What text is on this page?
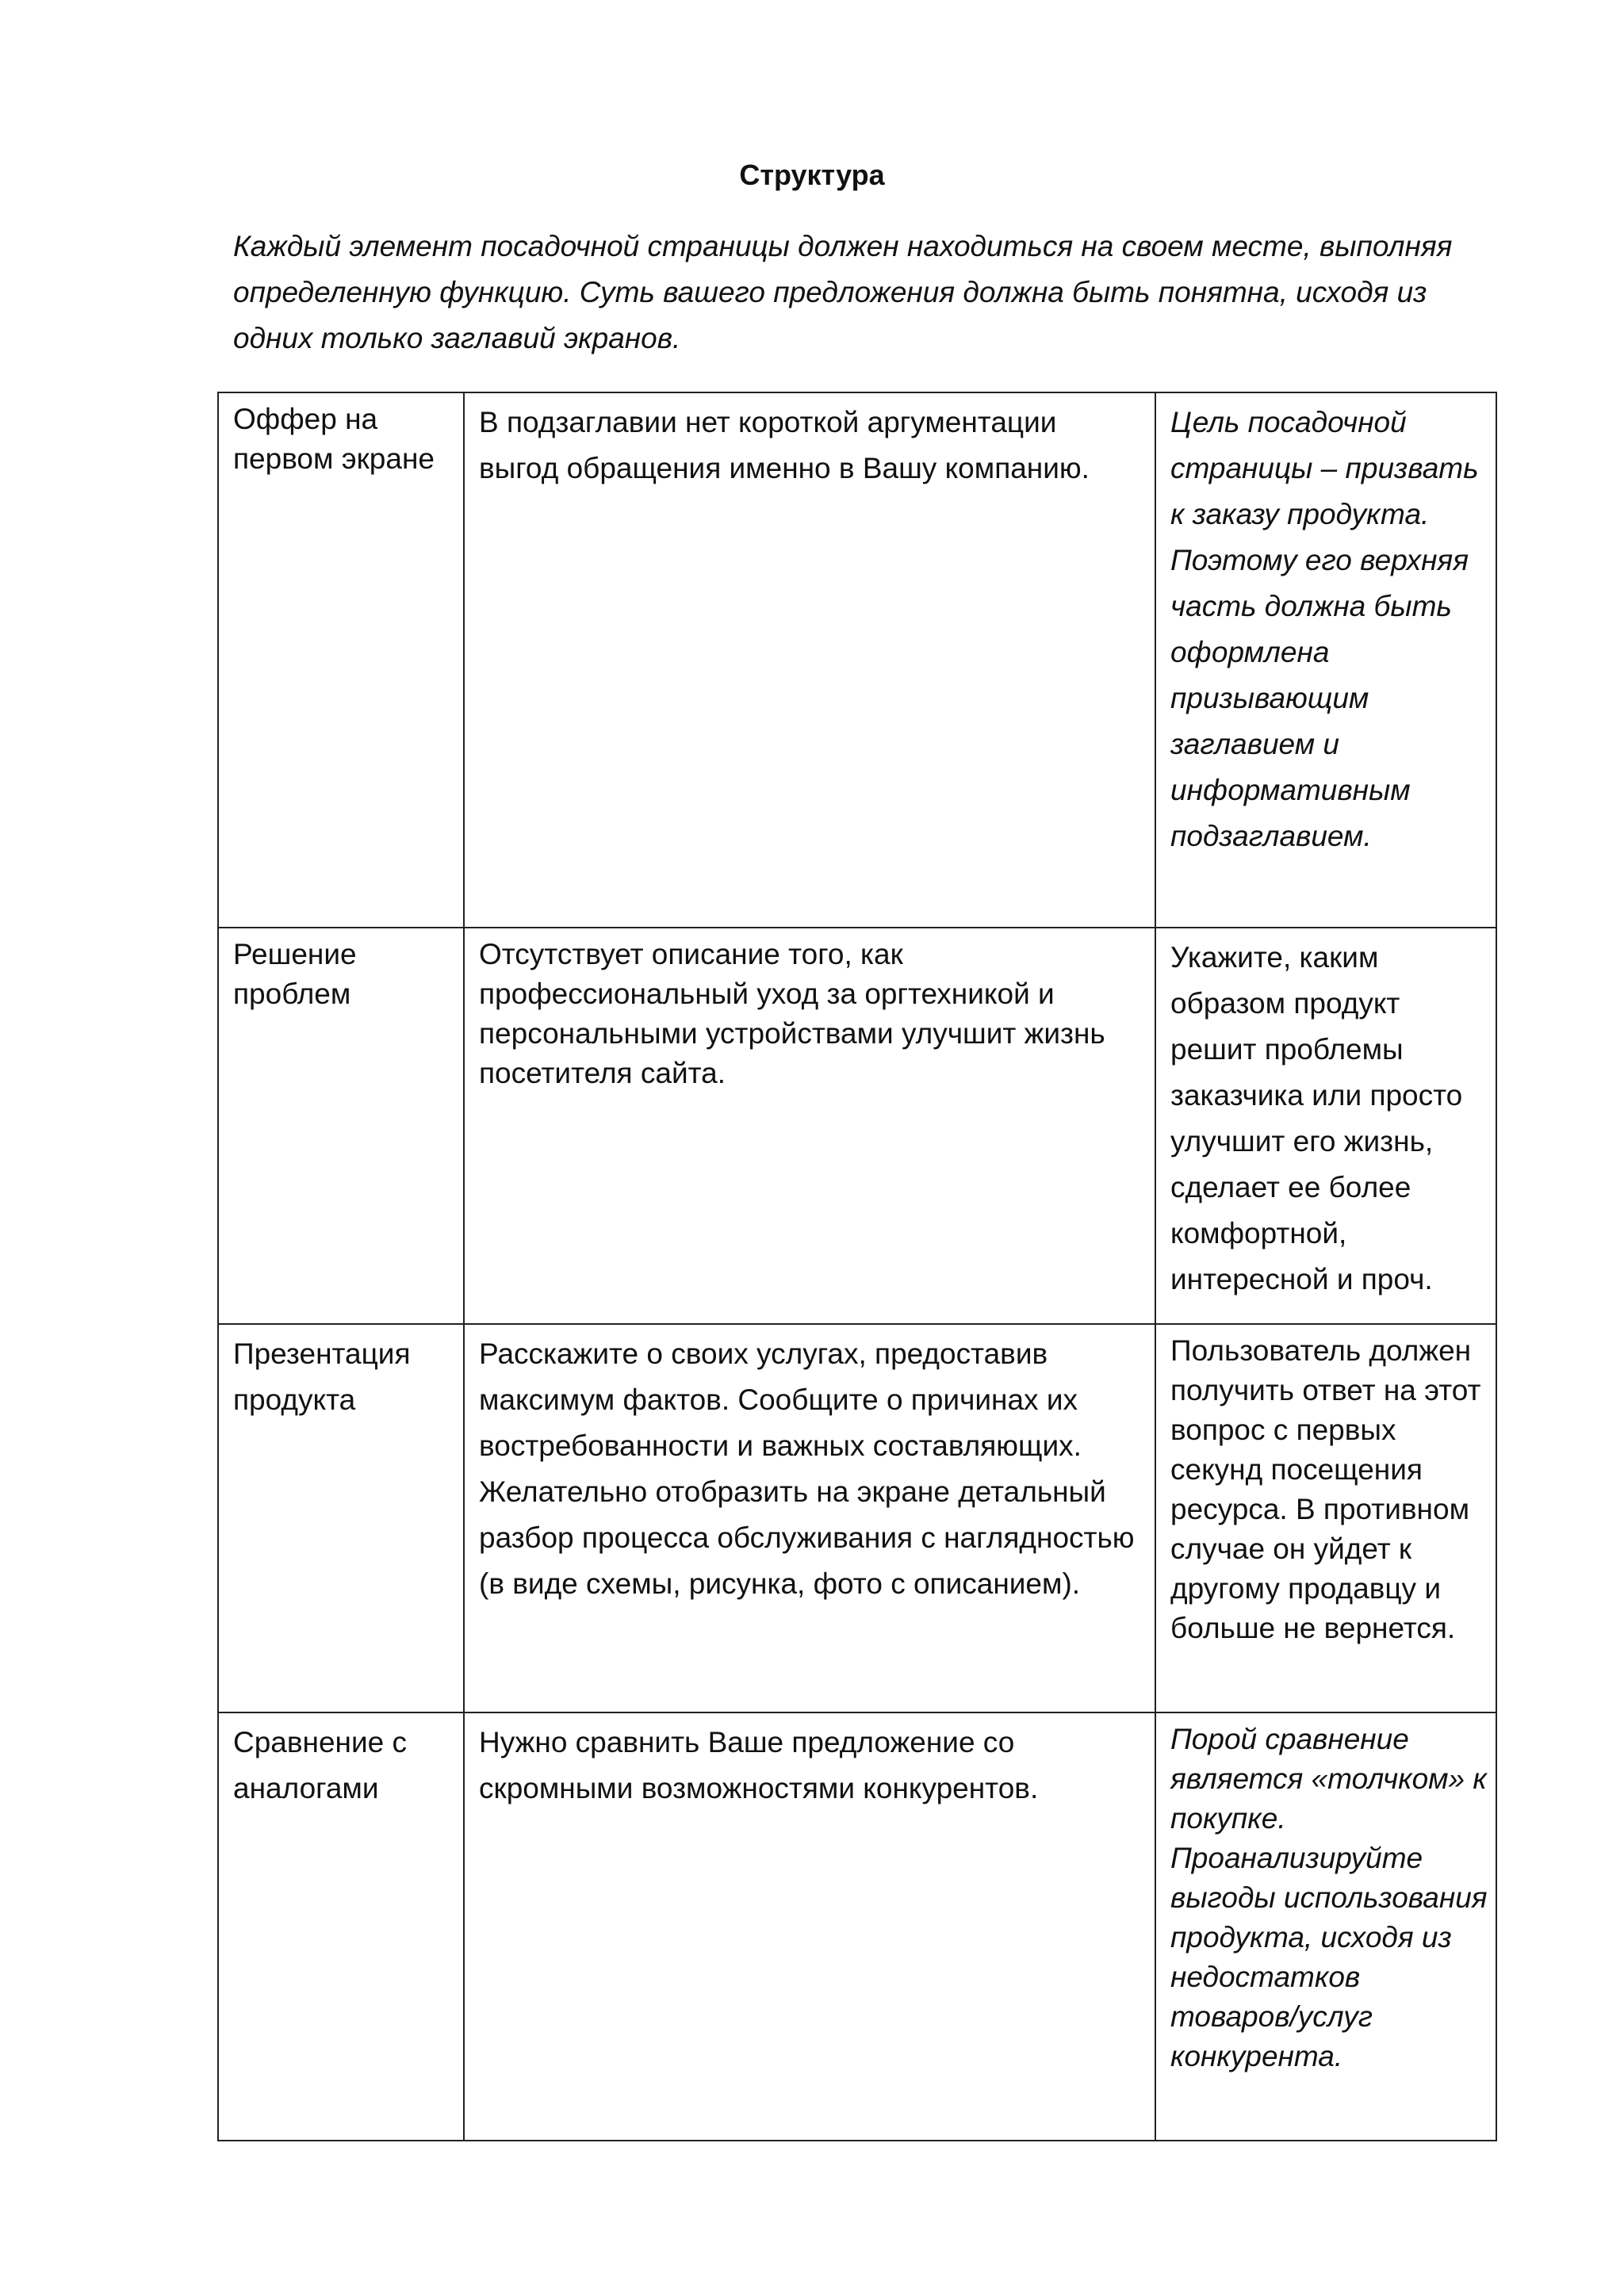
Структура

Каждый элемент посадочной страницы должен находиться на своем месте, выполняя определенную функцию. Суть вашего предложения должна быть понятна, исходя из одних только заглавий экранов.

Оффер на первом экране	В подзаглавии нет короткой аргументации выгод обращения именно в Вашу компанию.	Цель посадочной страницы – призвать к заказу продукта. Поэтому его верхняя часть должна быть оформлена призывающим заглавием и информативным подзаглавием.
Решение проблем	Отсутствует описание того, как профессиональный уход за оргтехникой и персональными устройствами улучшит жизнь посетителя сайта.	Укажите, каким образом продукт решит проблемы заказчика или просто улучшит его жизнь, сделает ее более комфортной, интересной и проч.
Презентация продукта	Расскажите о своих услугах, предоставив максимум фактов. Сообщите о причинах их востребованности и важных составляющих. Желательно отобразить на экране детальный разбор процесса обслуживания с наглядностью (в виде схемы, рисунка, фото с описанием).	Пользователь должен получить ответ на этот вопрос с первых секунд посещения ресурса. В противном случае он уйдет к другому продавцу и больше не вернется.
Сравнение с аналогами	Нужно сравнить Ваше предложение со скромными возможностями конкурентов.	Порой сравнение является «толчком» к покупке. Проанализируйте выгоды использования продукта, исходя из недостатков товаров/услуг конкурента.
